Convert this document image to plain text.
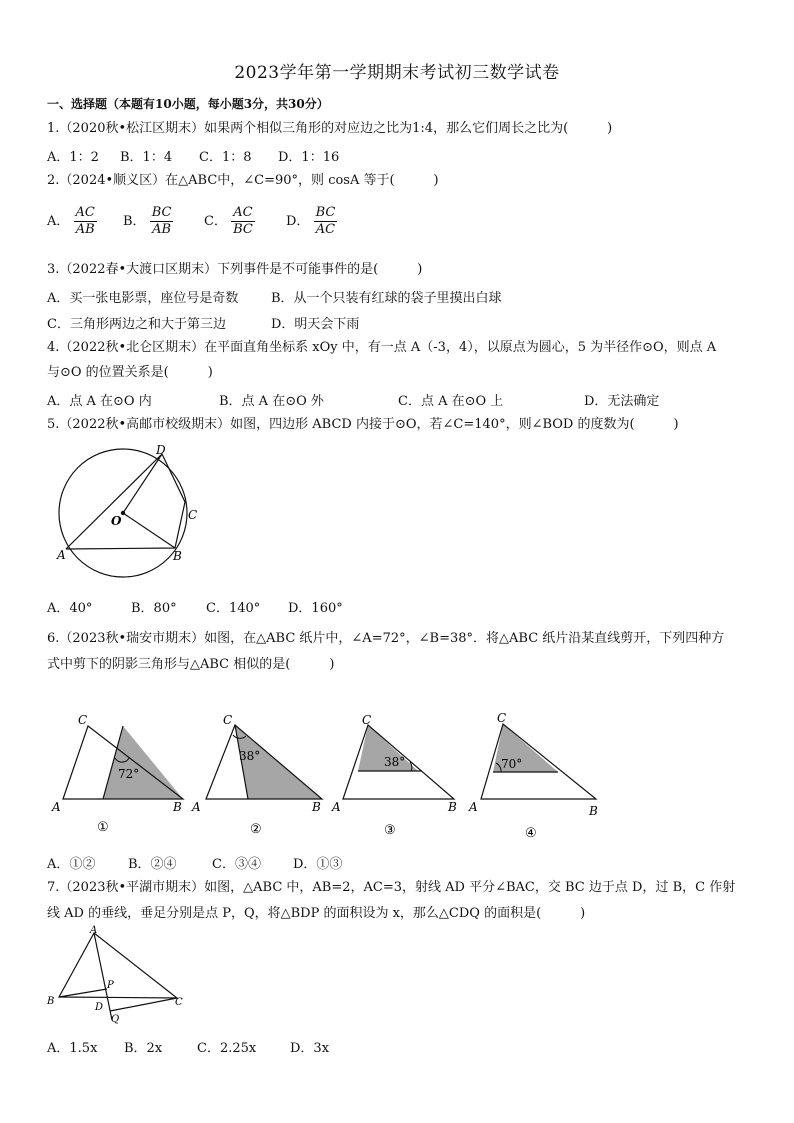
2023学年第一学期期末考试初三数学试卷
一、选择题（本题有10小题，每小题3分，共30分）
1.（2020秋•松江区期末）如果两个相似三角形的对应边之比为1:4，那么它们周长之比为(　　　)
A．1：2 B．1：4 C．1：8 D．1：16
2.（2024•顺义区）在△ABC中，∠C=90°，则 cosA 等于(　　　)
A． $\frac{AC}{AB}$ B． $\frac{BC}{AB}$ C． $\frac{AC}{BC}$ D． $\frac{BC}{AC}$
3.（2022春•大渡口区期末）下列事件是不可能事件的是(　　　)
A．买一张电影票，座位号是奇数	B．从一个只装有红球的袋子里摸出白球
C．三角形两边之和大于第三边	D．明天会下雨
4.（2022秋•北仑区期末）在平面直角坐标系 xOy 中，有一点 A（-3，4），以原点为圆心，5 为半径作⊙O，则点 A
与⊙O 的位置关系是(　　　)
A．点 A 在⊙O 内	B．点 A 在⊙O 外	C．点 A 在⊙O 上	D．无法确定
5.（2022秋•高邮市校级期末）如图，四边形 ABCD 内接于⊙O，若∠C=140°，则∠BOD 的度数为(　　　)
A	B
C
D
O
A．40°	B．80° C．140° D．160°
6.（2023秋•瑞安市期末）如图，在△ABC 纸片中，∠A=72°，∠B=38°．将△ABC 纸片沿某直线剪开，下列四种方
式中剪下的阴影三角形与△ABC 相似的是(　　　)
72°
C
A	B
38°
C
A	B
38°
C
A	B
70°
C
A	B
①	②	③	④
A．①②	B．②④	C．③④ D．①③
7.（2023秋•平湖市期末）如图，△ABC 中，AB=2，AC=3，射线 AD 平分∠BAC，交 BC 边于点 D，过 B，C 作射
线 AD 的垂线，垂足分别是点 P，Q，将△BDP 的面积设为 x，那么△CDQ 的面积是(　　　)
A
B	C
D
P
Q
A．1.5x B．2x	C．2.25x	D．3x
